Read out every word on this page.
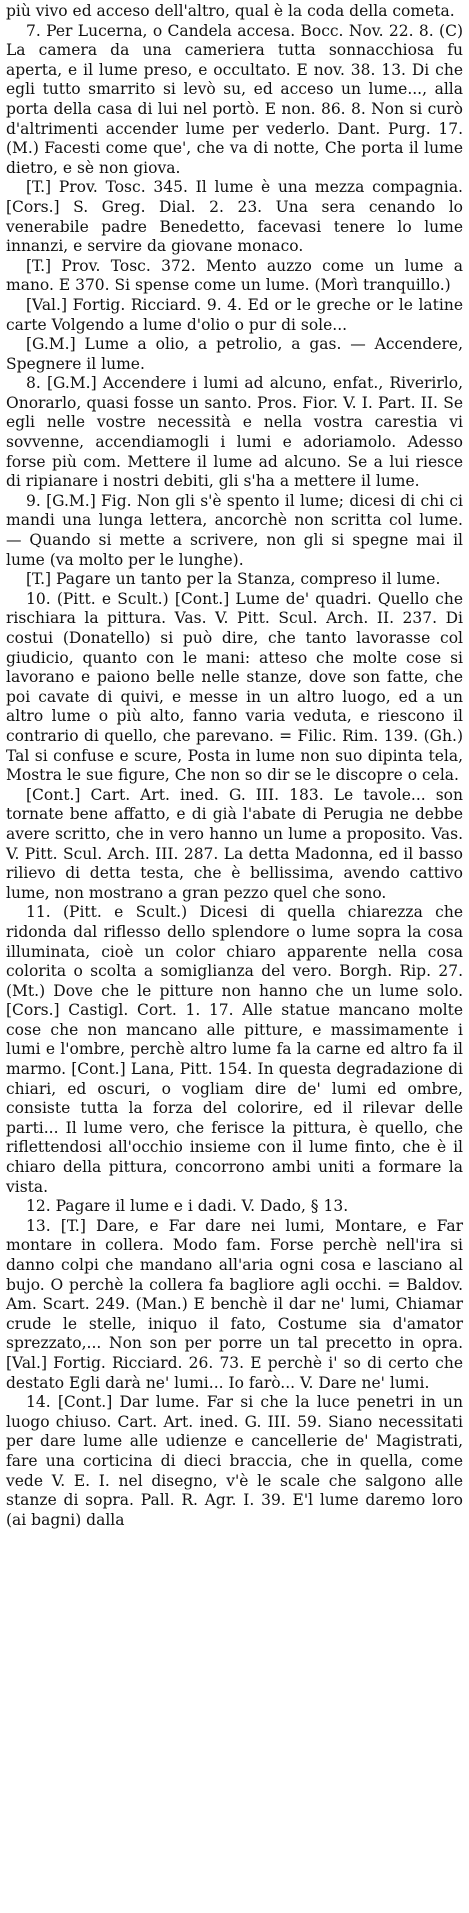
più vivo ed acceso dell'altro, qual è la coda della cometa.

7. Per Lucerna, o Candela accesa. Bocc. Nov. 22. 8. (C) La camera da una cameriera tutta sonnacchiosa fu aperta, e il lume preso, e occultato. E nov. 38. 13. Di che egli tutto smarrito si levò su, ed acceso un lume..., alla porta della casa di lui nel portò. E non. 86. 8. Non si curò d'altrimenti accender lume per vederlo. Dant. Purg. 17. (M.) Facesti come que', che va di notte, Che porta il lume dietro, e sè non giova.

[T.] Prov. Tosc. 345. Il lume è una mezza compagnia. [Cors.] S. Greg. Dial. 2. 23. Una sera cenando lo venerabile padre Benedetto, facevasi tenere lo lume innanzi, e servire da giovane monaco.

[T.] Prov. Tosc. 372. Mento auzzo come un lume a mano. E 370. Si spense come un lume. (Morì tranquillo.)

[Val.] Fortig. Ricciard. 9. 4. Ed or le greche or le latine carte Volgendo a lume d'olio o pur di sole...

[G.M.] Lume a olio, a petrolio, a gas. — Accendere, Spegnere il lume.

8. [G.M.] Accendere i lumi ad alcuno, enfat., Riverirlo, Onorarlo, quasi fosse un santo. Pros. Fior. V. I. Part. II. Se egli nelle vostre necessità e nella vostra carestia vi sovvenne, accendiamogli i lumi e adoriamolo. Adesso forse più com. Mettere il lume ad alcuno. Se a lui riesce di ripianare i nostri debiti, gli s'ha a mettere il lume.

9. [G.M.] Fig. Non gli s'è spento il lume; dicesi di chi ci mandi una lunga lettera, ancorchè non scritta col lume. — Quando si mette a scrivere, non gli si spegne mai il lume (va molto per le lunghe).

[T.] Pagare un tanto per la Stanza, compreso il lume.

10. (Pitt. e Scult.) [Cont.] Lume de' quadri. Quello che rischiara la pittura. Vas. V. Pitt. Scul. Arch. II. 237. Di costui (Donatello) si può dire, che tanto lavorasse col giudicio, quanto con le mani: atteso che molte cose si lavorano e paiono belle nelle stanze, dove son fatte, che poi cavate di quivi, e messe in un altro luogo, ed a un altro lume o più alto, fanno varia veduta, e riescono il contrario di quello, che parevano. = Filic. Rim. 139. (Gh.) Tal si confuse e scure, Posta in lume non suo dipinta tela, Mostra le sue figure, Che non so dir se le discopre o cela.

[Cont.] Cart. Art. ined. G. III. 183. Le tavole... son tornate bene affatto, e di già l'abate di Perugia ne debbe avere scritto, che in vero hanno un lume a proposito. Vas. V. Pitt. Scul. Arch. III. 287. La detta Madonna, ed il basso rilievo di detta testa, che è bellissima, avendo cattivo lume, non mostrano a gran pezzo quel che sono.

11. (Pitt. e Scult.) Dicesi di quella chiarezza che ridonda dal riflesso dello splendore o lume sopra la cosa illuminata, cioè un color chiaro apparente nella cosa colorita o scolta a somiglianza del vero. Borgh. Rip. 27. (Mt.) Dove che le pitture non hanno che un lume solo. [Cors.] Castigl. Cort. 1. 17. Alle statue mancano molte cose che non mancano alle pitture, e massimamente i lumi e l'ombre, perchè altro lume fa la carne ed altro fa il marmo. [Cont.] Lana, Pitt. 154. In questa degradazione di chiari, ed oscuri, o vogliam dire de' lumi ed ombre, consiste tutta la forza del colorire, ed il rilevar delle parti... Il lume vero, che ferisce la pittura, è quello, che riflettendosi all'occhio insieme con il lume finto, che è il chiaro della pittura, concorrono ambi uniti a formare la vista.

12. Pagare il lume e i dadi. V. Dado, § 13.

13. [T.] Dare, e Far dare nei lumi, Montare, e Far montare in collera. Modo fam. Forse perchè nell'ira si danno colpi che mandano all'aria ogni cosa e lasciano al bujo. O perchè la collera fa bagliore agli occhi. = Baldov. Am. Scart. 249. (Man.) E benchè il dar ne' lumi, Chiamar crude le stelle, iniquo il fato, Costume sia d'amator sprezzato,... Non son per porre un tal precetto in opra. [Val.] Fortig. Ricciard. 26. 73. E perchè i' so di certo che destato Egli darà ne' lumi... Io farò... V. Dare ne' lumi.

14. [Cont.] Dar lume. Far si che la luce penetri in un luogo chiuso. Cart. Art. ined. G. III. 59. Siano necessitati per dare lume alle udienze e cancellerie de' Magistrati, fare una corticina di dieci braccia, che in quella, come vede V. E. I. nel disegno, v'è le scale che salgono alle stanze di sopra. Pall. R. Agr. I. 39. E'l lume daremo loro (ai bagni) dalla
